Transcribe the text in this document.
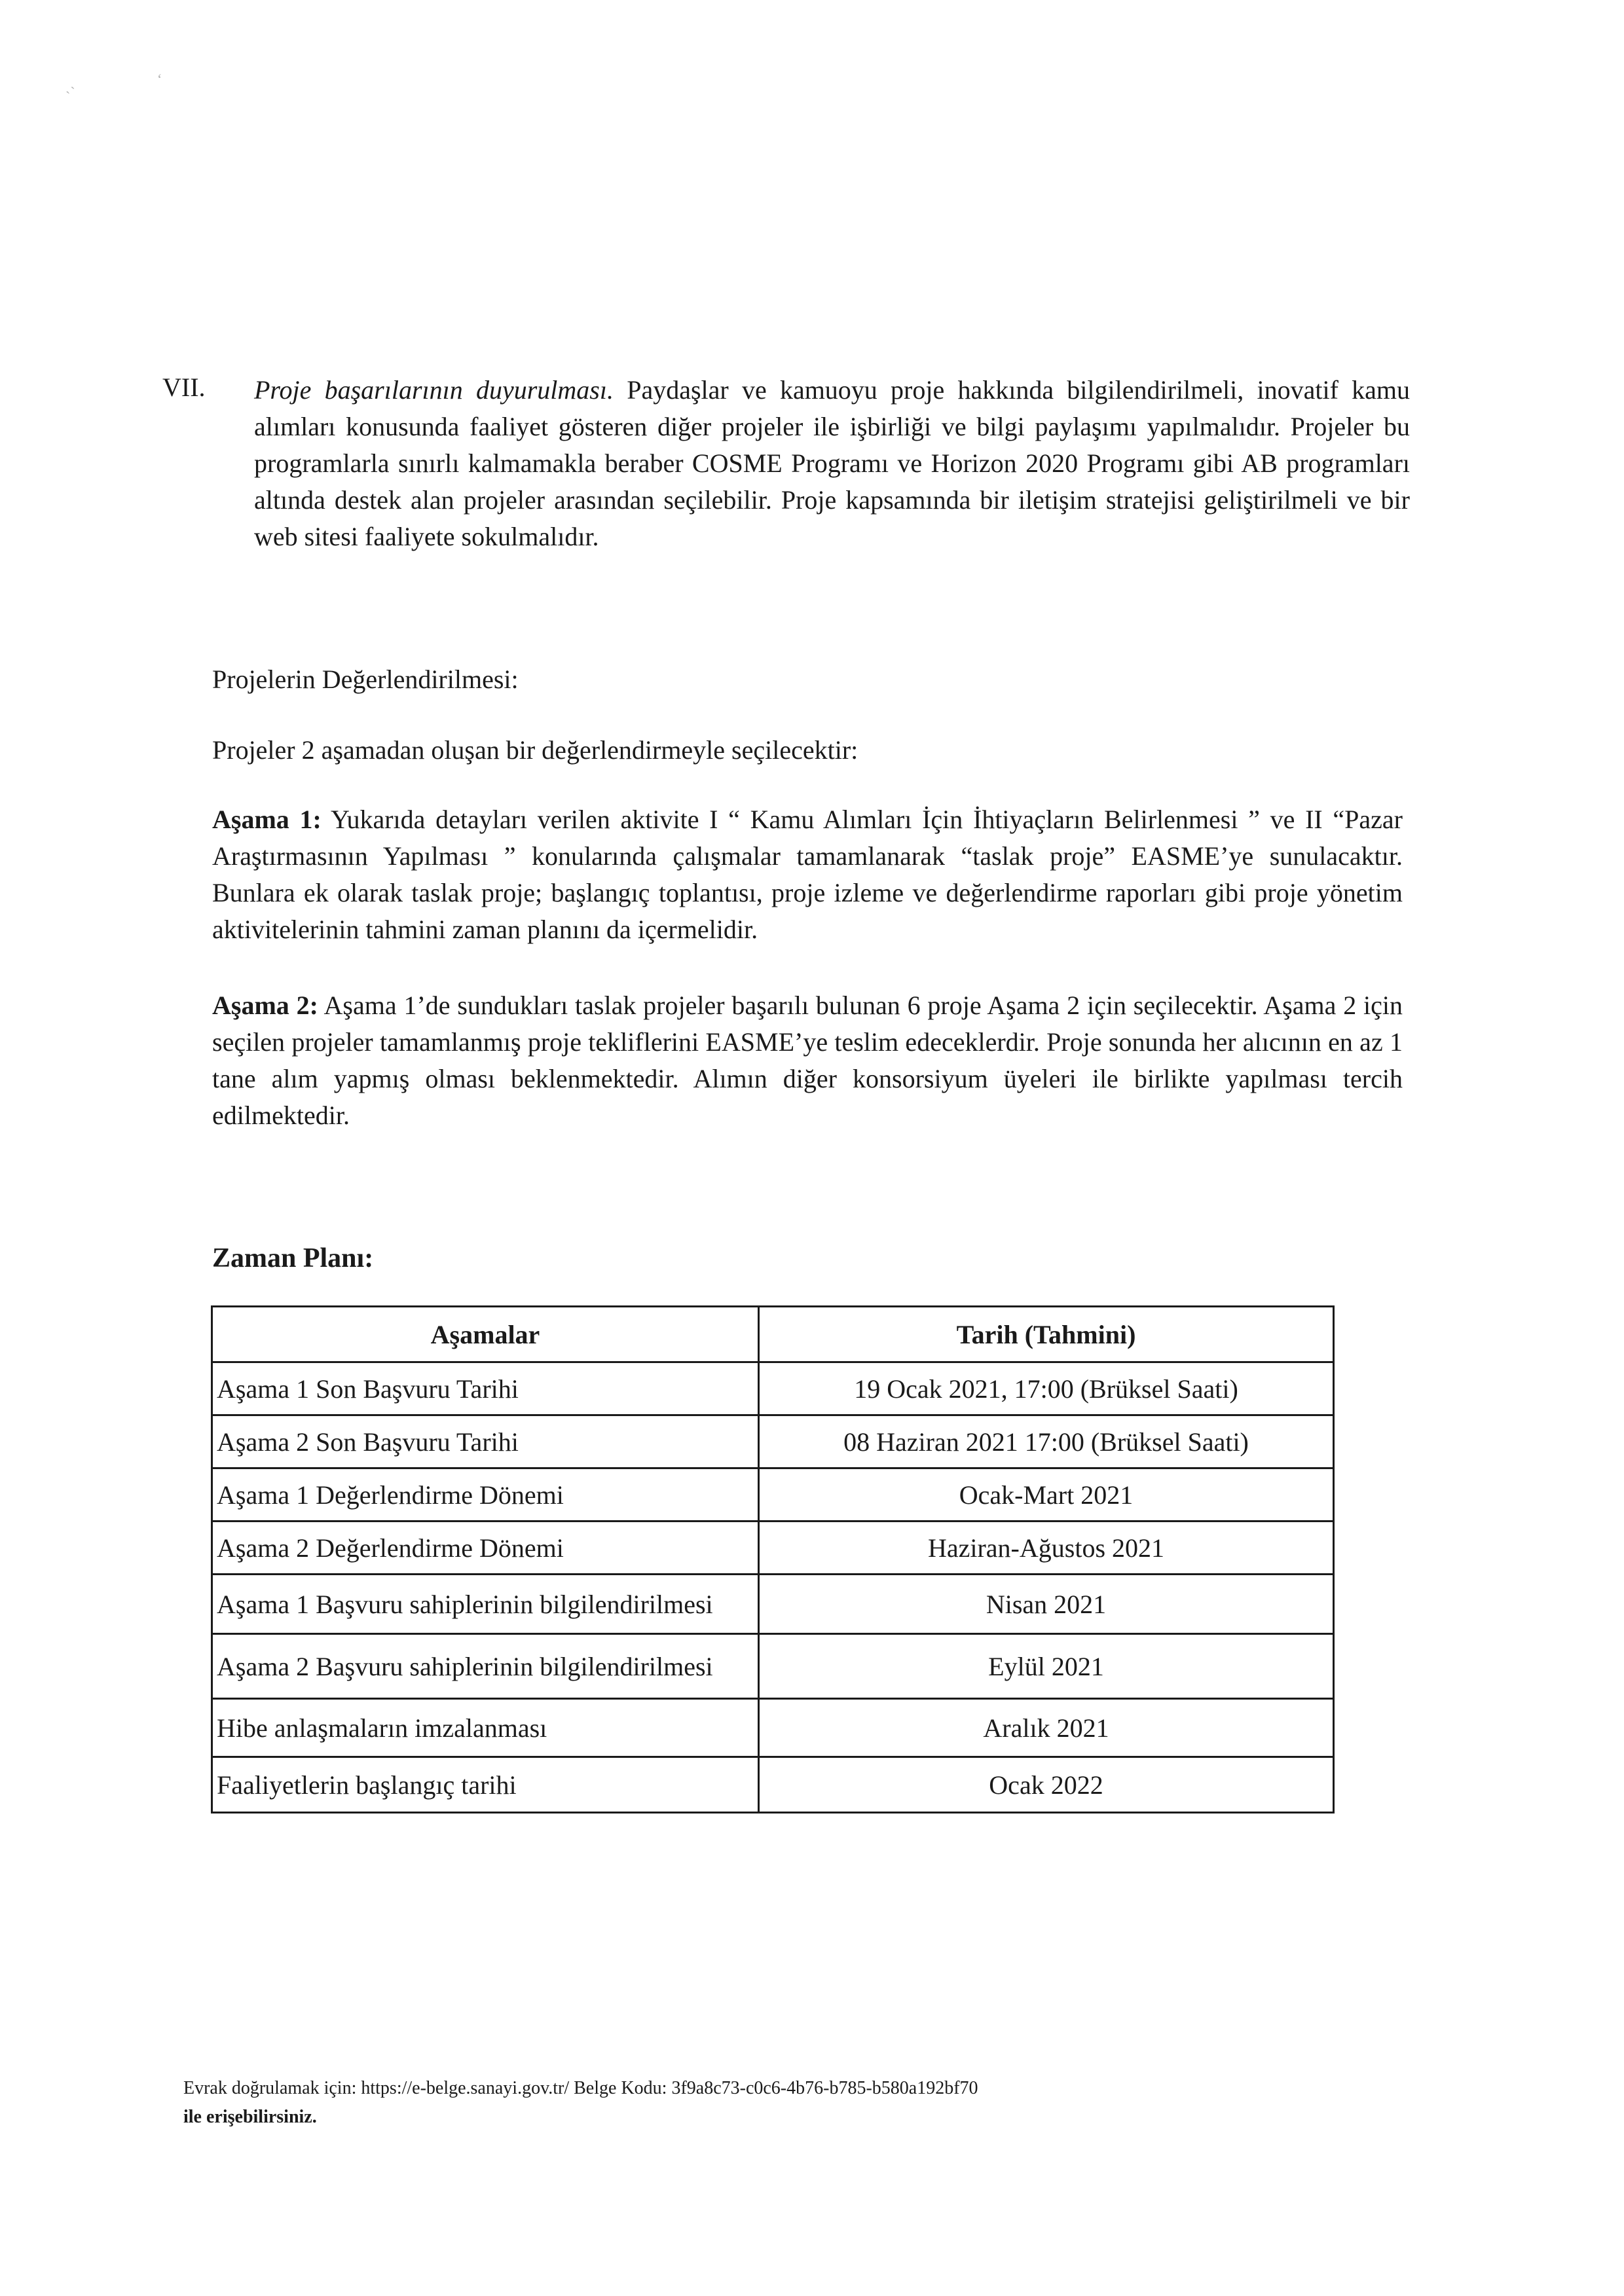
ˏ˴	ʻ
VII. Proje başarılarının duyurulması. Paydaşlar ve kamuoyu proje hakkında bilgilendirilmeli, inovatif kamu alımları konusunda faaliyet gösteren diğer projeler ile işbirliği ve bilgi paylaşımı yapılmalıdır. Projeler bu programlarla sınırlı kalmamakla beraber COSME Programı ve Horizon 2020 Programı gibi AB programları altında destek alan projeler arasından seçilebilir. Proje kapsamında bir iletişim stratejisi geliştirilmeli ve bir web sitesi faaliyete sokulmalıdır.

Projelerin Değerlendirilmesi:
Projeler 2 aşamadan oluşan bir değerlendirmeyle seçilecektir:
Aşama 1: Yukarıda detayları verilen aktivite I “ Kamu Alımları İçin İhtiyaçların Belirlenmesi ” ve II “Pazar Araştırmasının Yapılması ” konularında çalışmalar tamamlanarak “taslak proje” EASME’ye sunulacaktır. Bunlara ek olarak taslak proje; başlangıç toplantısı, proje izleme ve değerlendirme raporları gibi proje yönetim aktivitelerinin tahmini zaman planını da içermelidir.
Aşama 2: Aşama 1’de sundukları taslak projeler başarılı bulunan 6 proje Aşama 2 için seçilecektir. Aşama 2 için seçilen projeler tamamlanmış proje tekliflerini EASME’ye teslim edeceklerdir. Proje sonunda her alıcının en az 1 tane alım yapmış olması beklenmektedir. Alımın diğer konsorsiyum üyeleri ile birlikte yapılması tercih edilmektedir.
Zaman Planı:
Aşamalar	Tarih (Tahmini)
Aşama 1 Son Başvuru Tarihi	19 Ocak 2021, 17:00 (Brüksel Saati)
Aşama 2 Son Başvuru Tarihi	08 Haziran 2021 17:00 (Brüksel Saati)
Aşama 1 Değerlendirme Dönemi	Ocak-Mart 2021
Aşama 2 Değerlendirme Dönemi	Haziran-Ağustos 2021
Aşama 1 Başvuru sahiplerinin bilgilendirilmesi	Nisan 2021
Aşama 2 Başvuru sahiplerinin bilgilendirilmesi	Eylül 2021
Hibe anlaşmaların imzalanması	Aralık 2021
Faaliyetlerin başlangıç tarihi	Ocak 2022
Evrak doğrulamak için: https://e-belge.sanayi.gov.tr/ Belge Kodu: 3f9a8c73-c0c6-4b76-b785-b580a192bf70
ile erişebilirsiniz.
